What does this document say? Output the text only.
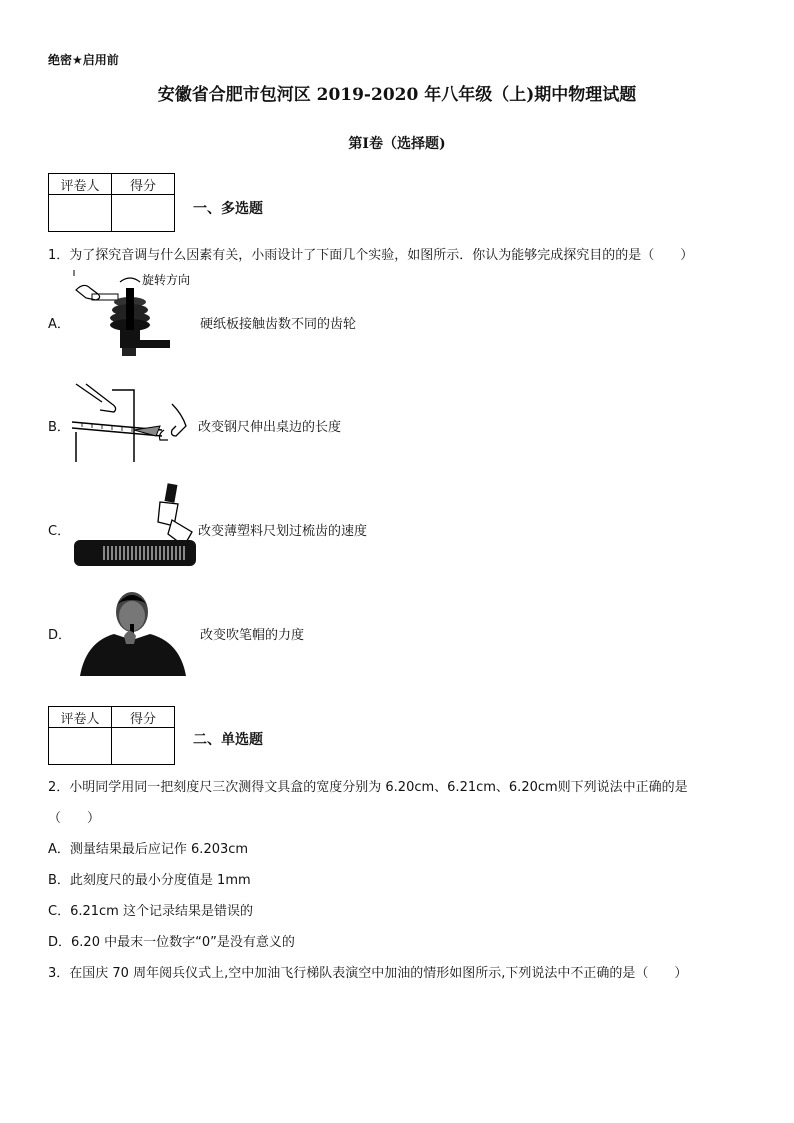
绝密★启用前
安徽省合肥市包河区 2019-2020 年八年级（上)期中物理试题
第I卷（选择题)
评卷人	得分

一、多选题
1．为了探究音调与什么因素有关，小雨设计了下面几个实验，如图所示．你认为能够完成探究目的的是（　　）
A．
旋转方向
硬纸板接触齿数不同的齿轮
B．	改变钢尺伸出桌边的长度
C．	改变薄塑料尺划过梳齿的速度
D．	改变吹笔帽的力度
评卷人	得分

二、单选题
2．小明同学用同一把刻度尺三次测得文具盒的宽度分别为 6.20cm、6.21cm、6.20cm则下列说法中正确的是
（　　）
A．测量结果最后应记作 6.203cm
B．此刻度尺的最小分度值是 1mm
C．6.21cm 这个记录结果是错误的
D．6.20 中最末一位数字“0”是没有意义的
3．在国庆 70 周年阅兵仪式上,空中加油飞行梯队表演空中加油的情形如图所示,下列说法中不正确的是（　　）
